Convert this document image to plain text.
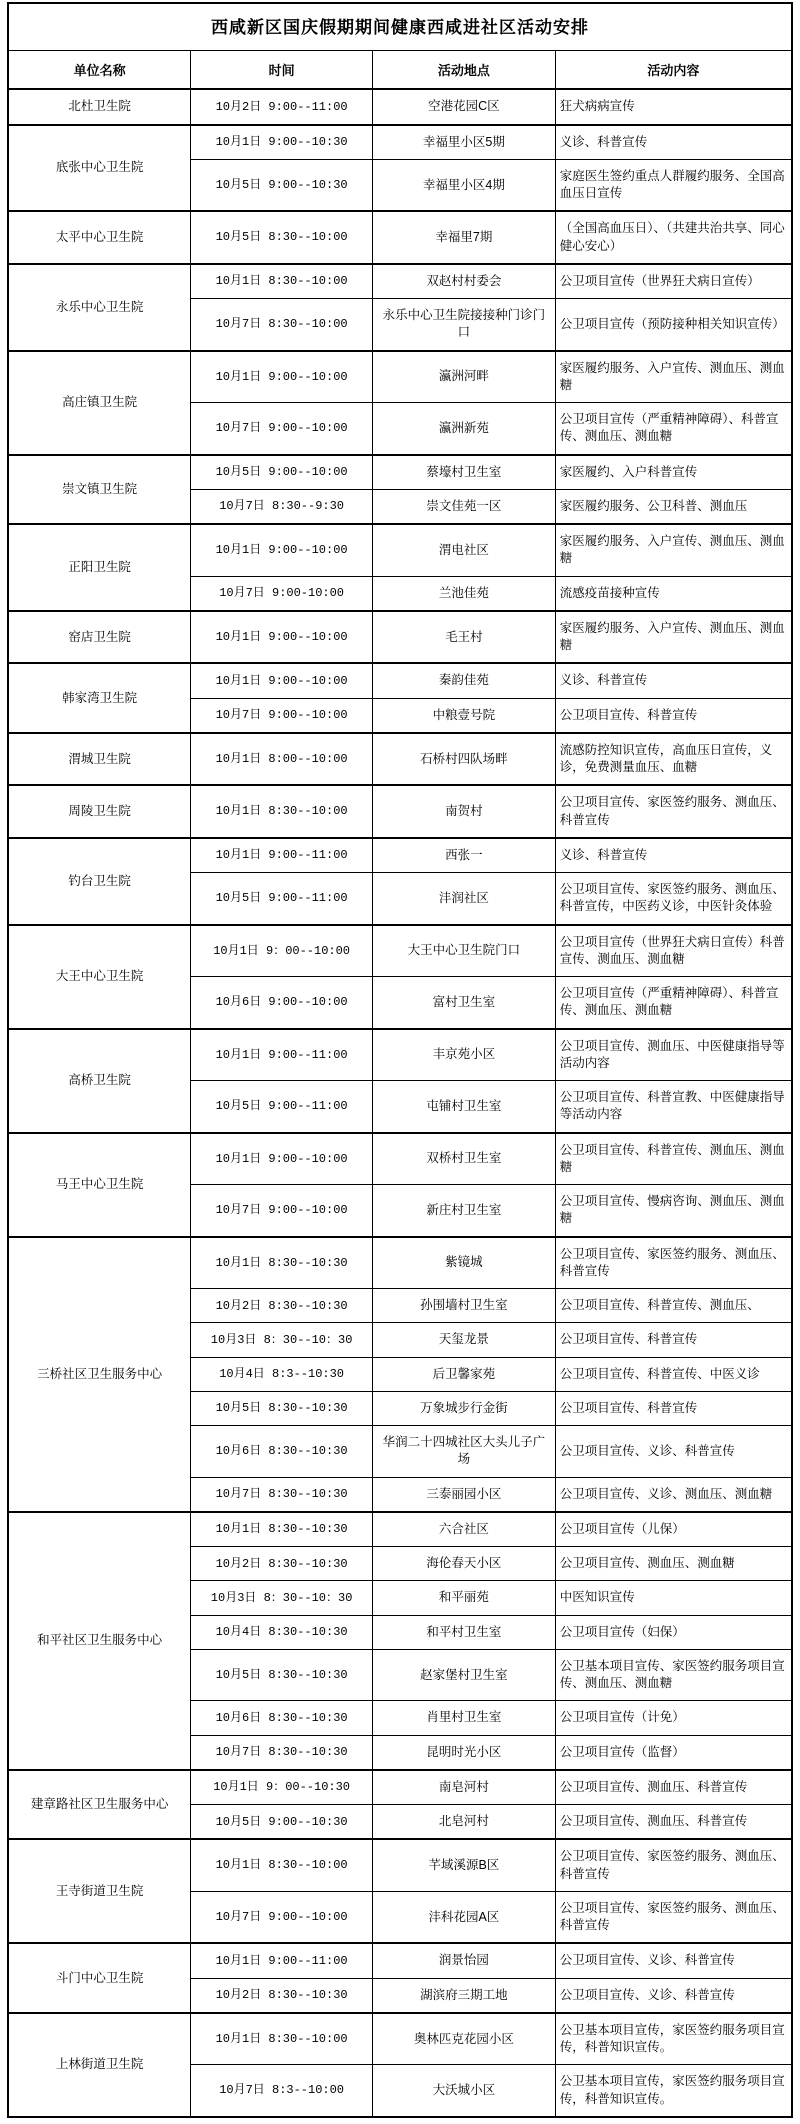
西咸新区国庆假期期间健康西咸进社区活动安排			
单位名称	时间	活动地点	活动内容
北杜卫生院	10月2日 9:00--11:00	空港花园C区	狂犬病病宣传
底张中心卫生院	10月1日 9:00--10:30	幸福里小区5期	义诊、科普宣传
	10月5日 9:00--10:30	幸福里小区4期	家庭医生签约重点人群履约服务、全国高血压日宣传
太平中心卫生院	10月5日 8:30--10:00	幸福里7期	（全国高血压日）、（共建共治共享、同心健心安心）
永乐中心卫生院	10月1日 8:30--10:00	双赵村村委会	公卫项目宣传（世界狂犬病日宣传）
	10月7日 8:30--10:00	永乐中心卫生院接接种门诊门口	公卫项目宣传（预防接种相关知识宣传）
高庄镇卫生院	10月1日 9:00--10:00	瀛洲河畔	家医履约服务、入户宣传、测血压、测血糖
	10月7日 9:00--10:00	瀛洲新苑	公卫项目宣传（严重精神障碍）、科普宣传、测血压、测血糖
崇文镇卫生院	10月5日 9:00--10:00	蔡壕村卫生室	家医履约、入户科普宣传
	10月7日 8:30--9:30	崇文佳苑一区	家医履约服务、公卫科普、测血压
正阳卫生院	10月1日 9:00--10:00	渭电社区	家医履约服务、入户宣传、测血压、测血糖
	10月7日 9:00-10:00	兰池佳苑	流感疫苗接种宣传
窑店卫生院	10月1日 9:00--10:00	毛王村	家医履约服务、入户宣传、测血压、测血糖
韩家湾卫生院	10月1日 9:00--10:00	秦韵佳苑	义诊、科普宣传
	10月7日 9:00--10:00	中粮壹号院	公卫项目宣传、科普宣传
渭城卫生院	10月1日 8:00--10:00	石桥村四队场畔	流感防控知识宣传，高血压日宣传，义诊，免费测量血压、血糖
周陵卫生院	10月1日 8:30--10:00	南贺村	公卫项目宣传、家医签约服务、测血压、科普宣传
钓台卫生院	10月1日 9:00--11:00	西张一	义诊、科普宣传
	10月5日 9:00--11:00	沣润社区	公卫项目宣传、家医签约服务、测血压、科普宣传，中医药义诊，中医针灸体验
大王中心卫生院	10月1日 9：00--10:00	大王中心卫生院门口	公卫项目宣传（世界狂犬病日宣传）科普宣传、测血压、测血糖
	10月6日 9:00--10:00	富村卫生室	公卫项目宣传（严重精神障碍）、科普宣传、测血压、测血糖
高桥卫生院	10月1日 9:00--11:00	丰京苑小区	公卫项目宣传、测血压、中医健康指导等活动内容
	10月5日 9:00--11:00	屯铺村卫生室	公卫项目宣传、科普宣教、中医健康指导等活动内容
马王中心卫生院	10月1日 9:00--10:00	双桥村卫生室	公卫项目宣传、科普宣传、测血压、测血糖
	10月7日 9:00--10:00	新庄村卫生室	公卫项目宣传、慢病咨询、测血压、测血糖
三桥社区卫生服务中心	10月1日 8:30--10:30	紫镜城	公卫项目宣传、家医签约服务、测血压、科普宣传
	10月2日 8:30--10:30	孙围墙村卫生室	公卫项目宣传、科普宣传、测血压、
	10月3日 8：30--10：30	天玺龙景	公卫项目宣传、科普宣传
	10月4日 8:3--10:30	后卫馨家苑	公卫项目宣传、科普宣传、中医义诊
	10月5日 8:30--10:30	万象城步行金街	公卫项目宣传、科普宣传
	10月6日 8:30--10:30	华润二十四城社区大头儿子广场	公卫项目宣传、义诊、科普宣传
	10月7日 8:30--10:30	三泰丽园小区	公卫项目宣传、义诊、测血压、测血糖
和平社区卫生服务中心	10月1日 8:30--10:30	六合社区	公卫项目宣传（儿保）
	10月2日 8:30--10:30	海伦春天小区	公卫项目宣传、测血压、测血糖
	10月3日 8：30--10：30	和平丽苑	中医知识宣传
	10月4日 8:30--10:30	和平村卫生室	公卫项目宣传（妇保）
	10月5日 8:30--10:30	赵家堡村卫生室	公卫基本项目宣传、家医签约服务项目宣传、测血压、测血糖
	10月6日 8:30--10:30	肖里村卫生室	公卫项目宣传（计免）
	10月7日 8:30--10:30	昆明时光小区	公卫项目宣传（监督）
建章路社区卫生服务中心	10月1日 9：00--10:30	南皂河村	公卫项目宣传、测血压、科普宣传
	10月5日 9:00--10:30	北皂河村	公卫项目宣传、测血压、科普宣传
王寺街道卫生院	10月1日 8:30--10:00	芊域溪源B区	公卫项目宣传、家医签约服务、测血压、科普宣传
	10月7日 9:00--10:00	沣科花园A区	公卫项目宣传、家医签约服务、测血压、科普宣传
斗门中心卫生院	10月1日 9:00--11:00	润景怡园	公卫项目宣传、义诊、科普宣传
	10月2日 8:30--10:30	湖滨府三期工地	公卫项目宣传、义诊、科普宣传
上林街道卫生院	10月1日 8:30--10:00	奥林匹克花园小区	公卫基本项目宣传，家医签约服务项目宣传，科普知识宣传。
	10月7日 8:3--10:00	大沃城小区	公卫基本项目宣传，家医签约服务项目宣传，科普知识宣传。
